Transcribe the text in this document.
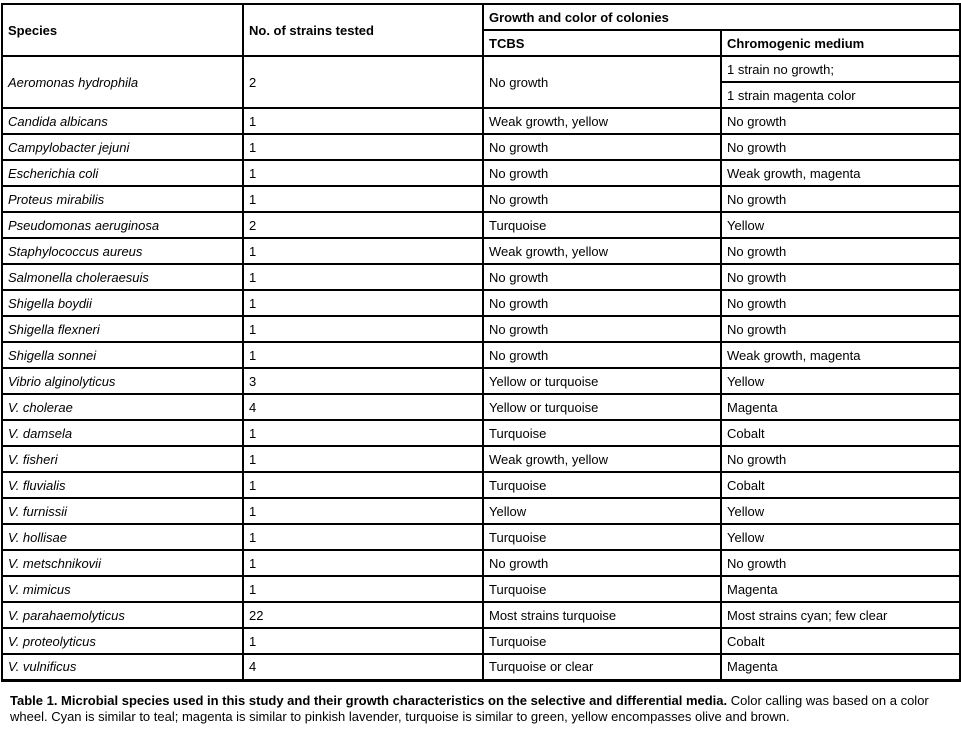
Species	No. of strains tested	Growth and color of colonies	
		TCBS	Chromogenic medium
Aeromonas hydrophila	2	No growth	1 strain no growth;
			1 strain magenta color
Candida albicans	1	Weak growth, yellow	No growth
Campylobacter jejuni	1	No growth	No growth
Escherichia coli	1	No growth	Weak growth, magenta
Proteus mirabilis	1	No growth	No growth
Pseudomonas aeruginosa	2	Turquoise	Yellow
Staphylococcus aureus	1	Weak growth, yellow	No growth
Salmonella choleraesuis	1	No growth	No growth
Shigella boydii	1	No growth	No growth
Shigella flexneri	1	No growth	No growth
Shigella sonnei	1	No growth	Weak growth, magenta
Vibrio alginolyticus	3	Yellow or turquoise	Yellow
V. cholerae	4	Yellow or turquoise	Magenta
V. damsela	1	Turquoise	Cobalt
V. fisheri	1	Weak growth, yellow	No growth
V. fluvialis	1	Turquoise	Cobalt
V. furnissii	1	Yellow	Yellow
V. hollisae	1	Turquoise	Yellow
V. metschnikovii	1	No growth	No growth
V. mimicus	1	Turquoise	Magenta
V. parahaemolyticus	22	Most strains turquoise	Most strains cyan; few clear
V. proteolyticus	1	Turquoise	Cobalt
V. vulnificus	4	Turquoise or clear	Magenta
Table 1. Microbial species used in this study and their growth characteristics on the selective and differential media. Color calling was based on a color wheel. Cyan is similar to teal; magenta is similar to pinkish lavender, turquoise is similar to green, yellow encompasses olive and brown.
